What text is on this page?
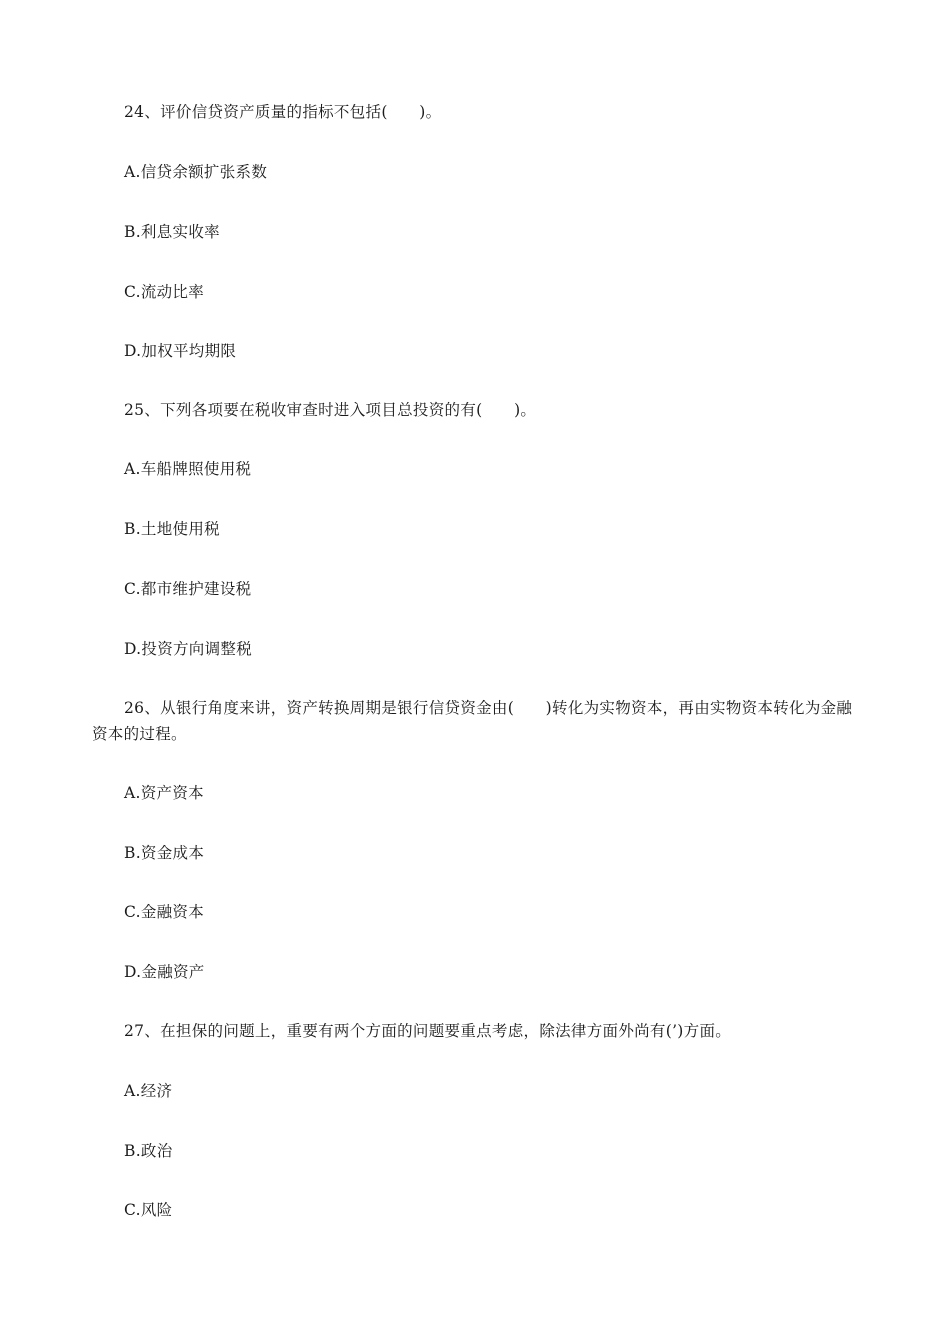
24、评价信贷资产质量的指标不包括(　　)。
A.信贷余额扩张系数
B.利息实收率
C.流动比率
D.加权平均期限
25、下列各项要在税收审查时进入项目总投资的有(　　)。
A.车船牌照使用税
B.土地使用税
C.都市维护建设税
D.投资方向调整税
26、从银行角度来讲，资产转换周期是银行信贷资金由(　　)转化为实物资本，再由实物资本转化为金融资本的过程。
A.资产资本
B.资金成本
C.金融资本
D.金融资产
27、在担保的问题上，重要有两个方面的问题要重点考虑，除法律方面外尚有(’)方面。
A.经济
B.政治
C.风险
